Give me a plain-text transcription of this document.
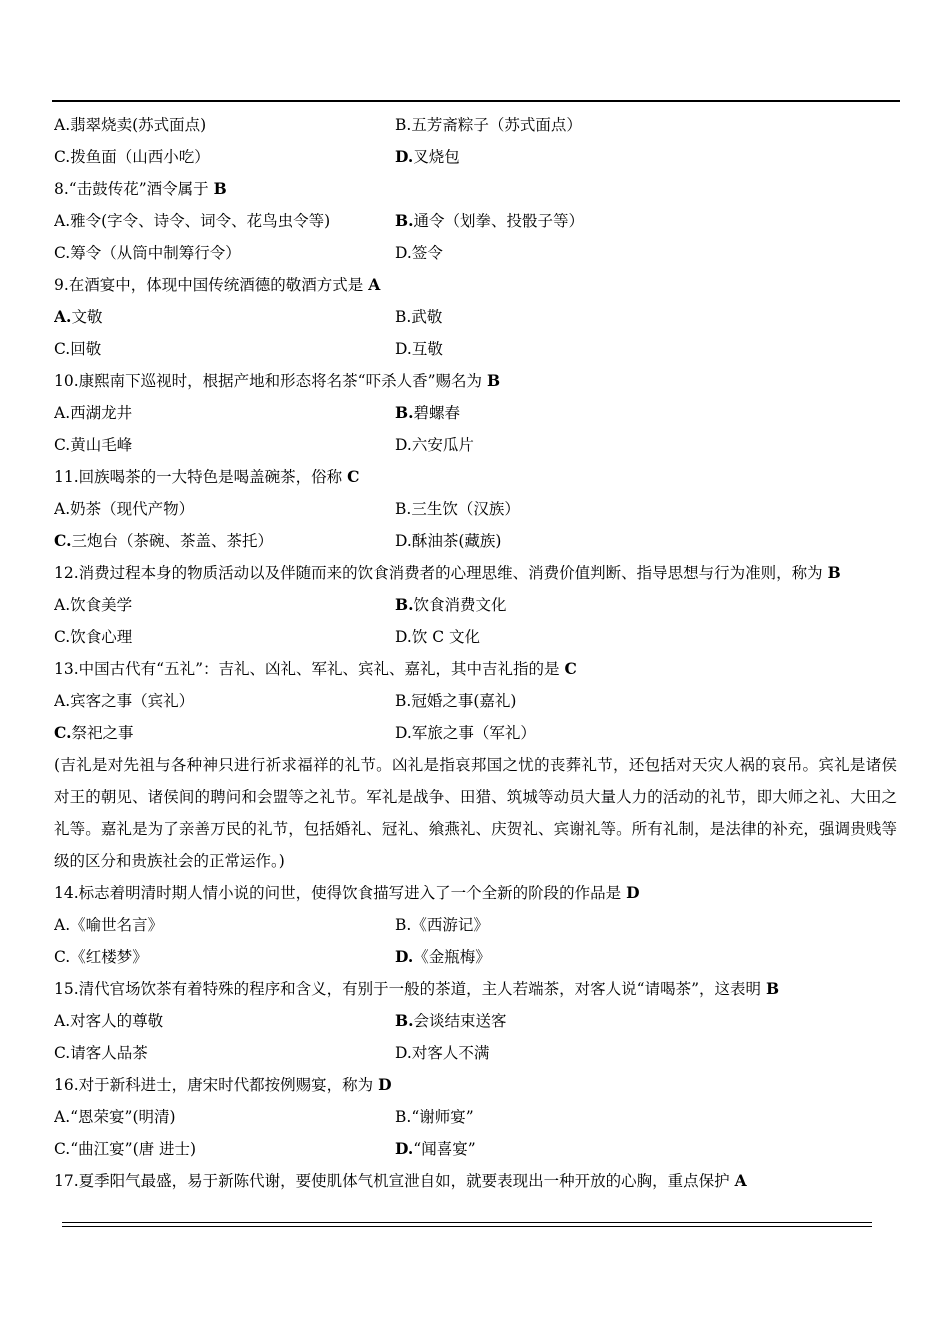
A.翡翠烧卖(苏式面点)	B.五芳斋粽子（苏式面点）
C.拨鱼面（山西小吃）	D.叉烧包
8.“击鼓传花”酒令属于 B
A.雅令(字令、诗令、词令、花鸟虫令等)	B.通令（划拳、投骰子等）
C.筹令（从筒中制筹行令）	D.签令
9.在酒宴中，体现中国传统酒德的敬酒方式是 A
A.文敬	B.武敬
C.回敬	D.互敬
10.康熙南下巡视时，根据产地和形态将名茶“吓杀人香”赐名为 B
A.西湖龙井	B.碧螺春
C.黄山毛峰	D.六安瓜片
11.回族喝茶的一大特色是喝盖碗茶，俗称 C
A.奶茶（现代产物）	B.三生饮（汉族）
C.三炮台（茶碗、茶盖、茶托）	D.酥油茶(藏族)
12.消费过程本身的物质活动以及伴随而来的饮食消费者的心理思维、消费价值判断、指导思想与行为准则，称为 B
A.饮食美学	B.饮食消费文化
C.饮食心理	D.饮 C 文化
13.中国古代有“五礼”：吉礼、凶礼、军礼、宾礼、嘉礼，其中吉礼指的是 C
A.宾客之事（宾礼）	B.冠婚之事(嘉礼)
C.祭祀之事	D.军旅之事（军礼）
(吉礼是对先祖与各种神只进行祈求福祥的礼节。凶礼是指哀邦国之忧的丧葬礼节，还包括对天灾人祸的哀吊。宾礼是诸侯对王的朝见、诸侯间的聘问和会盟等之礼节。军礼是战争、田猎、筑城等动员大量人力的活动的礼节，即大师之礼、大田之礼等。嘉礼是为了亲善万民的礼节，包括婚礼、冠礼、飨燕礼、庆贺礼、宾谢礼等。所有礼制，是法律的补充，强调贵贱等级的区分和贵族社会的正常运作。)
14.标志着明清时期人情小说的问世，使得饮食描写进入了一个全新的阶段的作品是 D
A.《喻世名言》	B.《西游记》
C.《红楼梦》	D.《金瓶梅》
15.清代官场饮茶有着特殊的程序和含义，有别于一般的茶道，主人若端茶，对客人说“请喝茶”，这表明 B
A.对客人的尊敬	B.会谈结束送客
C.请客人品茶	D.对客人不满
16.对于新科进士，唐宋时代都按例赐宴，称为 D
A.“恩荣宴”(明清)	B.“谢师宴”
C.“曲江宴”(唐 进士)	D.“闻喜宴”
17.夏季阳气最盛，易于新陈代谢，要使肌体气机宣泄自如，就要表现出一种开放的心胸，重点保护 A
